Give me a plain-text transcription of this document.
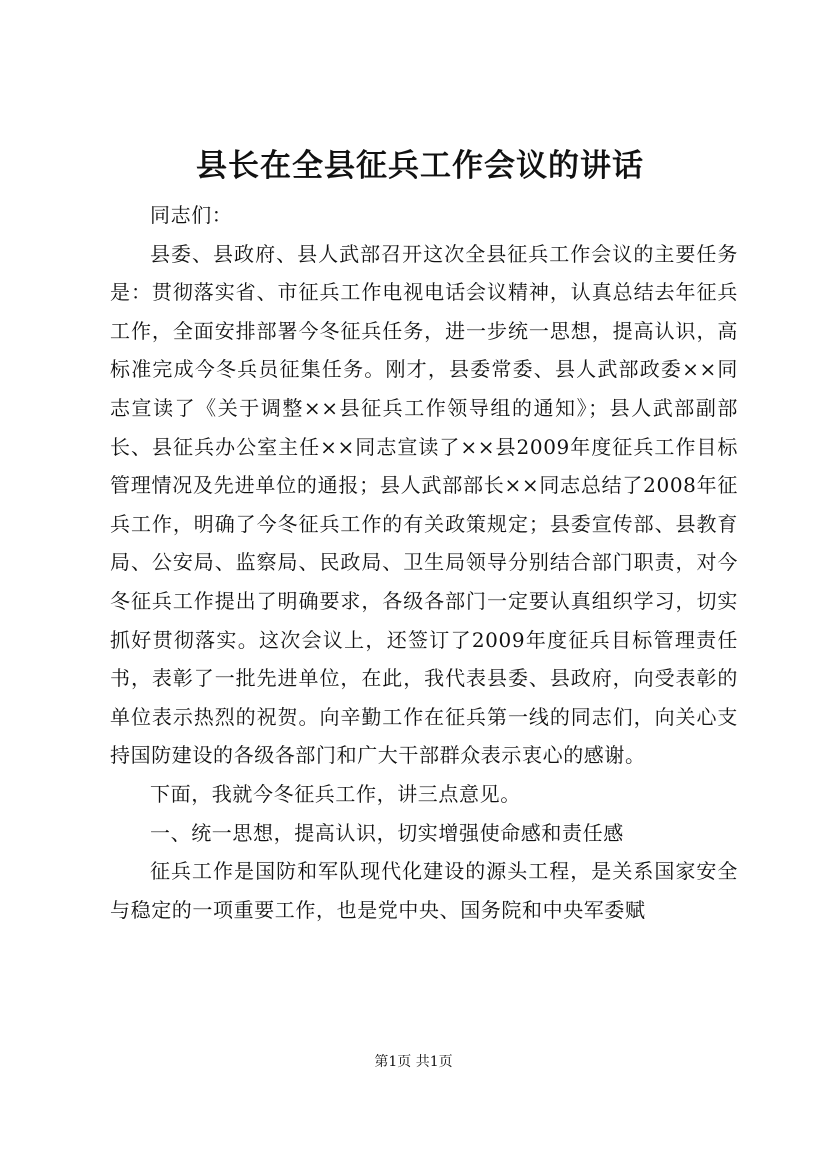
县长在全县征兵工作会议的讲话

同志们：

县委、县政府、县人武部召开这次全县征兵工作会议的主要任务是：贯彻落实省、市征兵工作电视电话会议精神，认真总结去年征兵工作，全面安排部署今冬征兵任务，进一步统一思想，提高认识，高标准完成今冬兵员征集任务。刚才，县委常委、县人武部政委××同志宣读了《关于调整××县征兵工作领导组的通知》；县人武部副部长、县征兵办公室主任××同志宣读了××县2009年度征兵工作目标管理情况及先进单位的通报；县人武部部长××同志总结了2008年征兵工作，明确了今冬征兵工作的有关政策规定；县委宣传部、县教育局、公安局、监察局、民政局、卫生局领导分别结合部门职责，对今冬征兵工作提出了明确要求，各级各部门一定要认真组织学习，切实抓好贯彻落实。这次会议上，还签订了2009年度征兵目标管理责任书，表彰了一批先进单位，在此，我代表县委、县政府，向受表彰的单位表示热烈的祝贺。向辛勤工作在征兵第一线的同志们，向关心支持国防建设的各级各部门和广大干部群众表示衷心的感谢。

下面，我就今冬征兵工作，讲三点意见。

一、统一思想，提高认识，切实增强使命感和责任感

征兵工作是国防和军队现代化建设的源头工程，是关系国家安全与稳定的一项重要工作，也是党中央、国务院和中央军委赋

第1页 共1页
